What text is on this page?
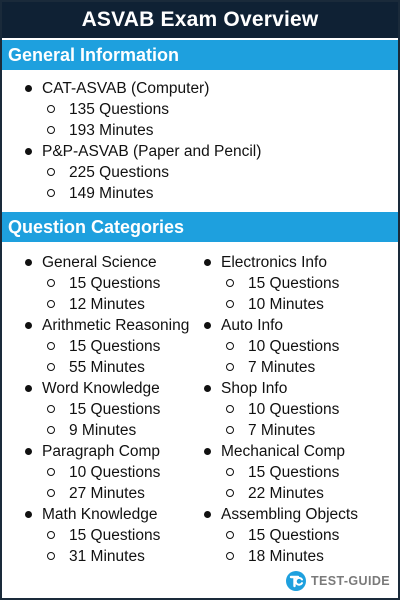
ASVAB Exam Overview
General Information
CAT-ASVAB (Computer)
135 Questions
193 Minutes
P&P-ASVAB (Paper and Pencil)
225 Questions
149 Minutes
Question Categories
General Science
15 Questions
12 Minutes
Arithmetic Reasoning
15 Questions
55 Minutes
Word Knowledge
15 Questions
9 Minutes
Paragraph Comp
10 Questions
27 Minutes
Math Knowledge
15 Questions
31 Minutes
Electronics Info
15 Questions
10 Minutes
Auto Info
10 Questions
7 Minutes
Shop Info
10 Questions
7 Minutes
Mechanical Comp
15 Questions
22 Minutes
Assembling Objects
15 Questions
18 Minutes
TEST-GUIDE
